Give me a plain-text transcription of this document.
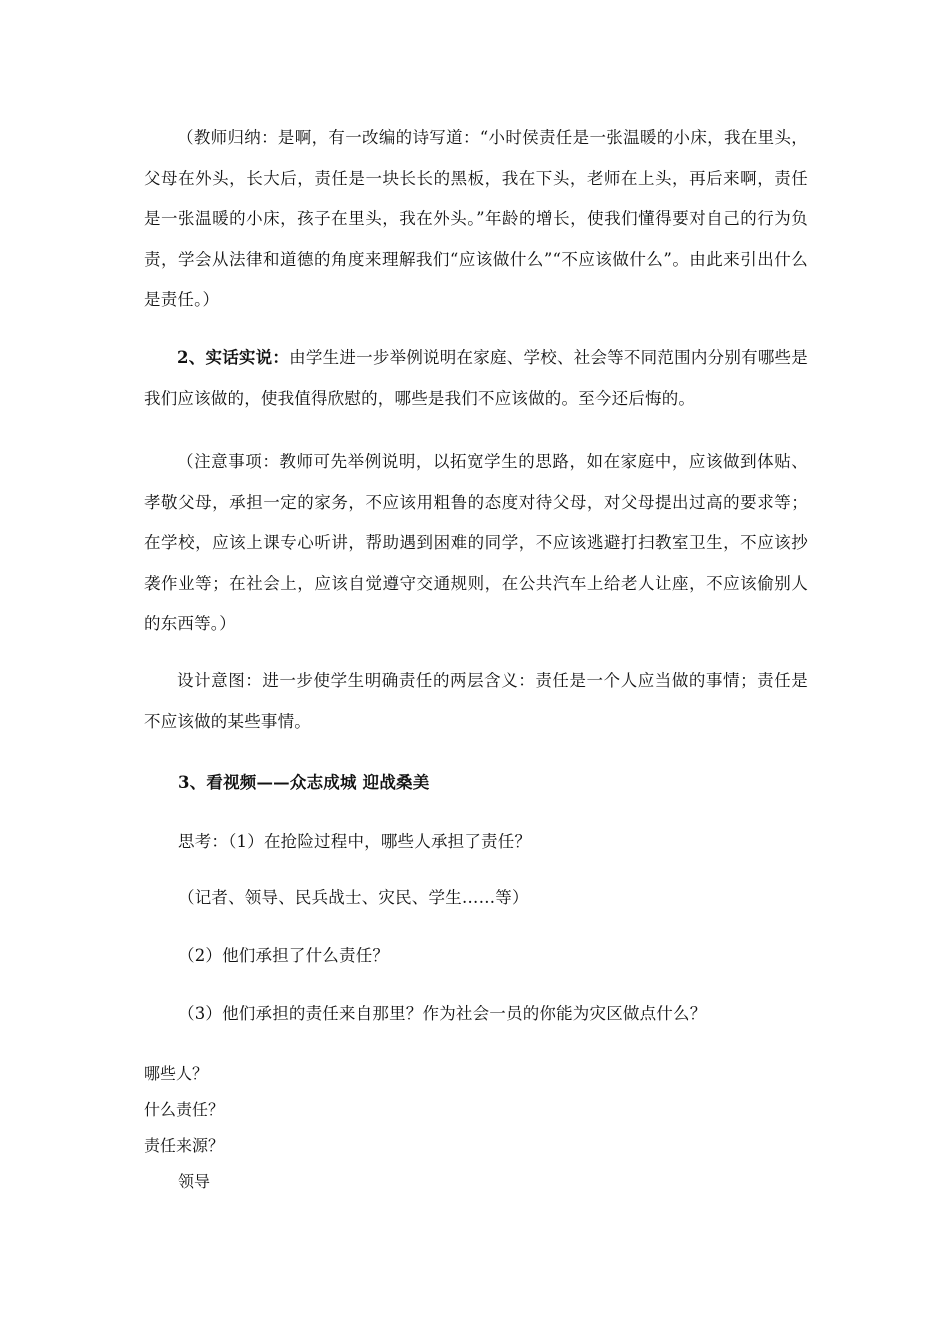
（教师归纳：是啊，有一改编的诗写道：“小时侯责任是一张温暖的小床，我在里头，父母在外头，长大后，责任是一块长长的黑板，我在下头，老师在上头，再后来啊，责任是一张温暖的小床，孩子在里头，我在外头。”年龄的增长，使我们懂得要对自己的行为负责，学会从法律和道德的角度来理解我们“应该做什么”“不应该做什么”。由此来引出什么是责任。）

2、实话实说：由学生进一步举例说明在家庭、学校、社会等不同范围内分别有哪些是我们应该做的，使我值得欣慰的，哪些是我们不应该做的。至今还后悔的。

（注意事项：教师可先举例说明，以拓宽学生的思路，如在家庭中，应该做到体贴、孝敬父母，承担一定的家务，不应该用粗鲁的态度对待父母，对父母提出过高的要求等；在学校，应该上课专心听讲，帮助遇到困难的同学，不应该逃避打扫教室卫生，不应该抄袭作业等；在社会上，应该自觉遵守交通规则，在公共汽车上给老人让座，不应该偷别人的东西等。）

设计意图：进一步使学生明确责任的两层含义：责任是一个人应当做的事情；责任是不应该做的某些事情。

3、看视频——众志成城 迎战桑美

思考：（1）在抢险过程中，哪些人承担了责任？

（记者、领导、民兵战士、灾民、学生……等）

（2）他们承担了什么责任？

（3）他们承担的责任来自那里？作为社会一员的你能为灾区做点什么？

哪些人？

什么责任？

责任来源？

领导
